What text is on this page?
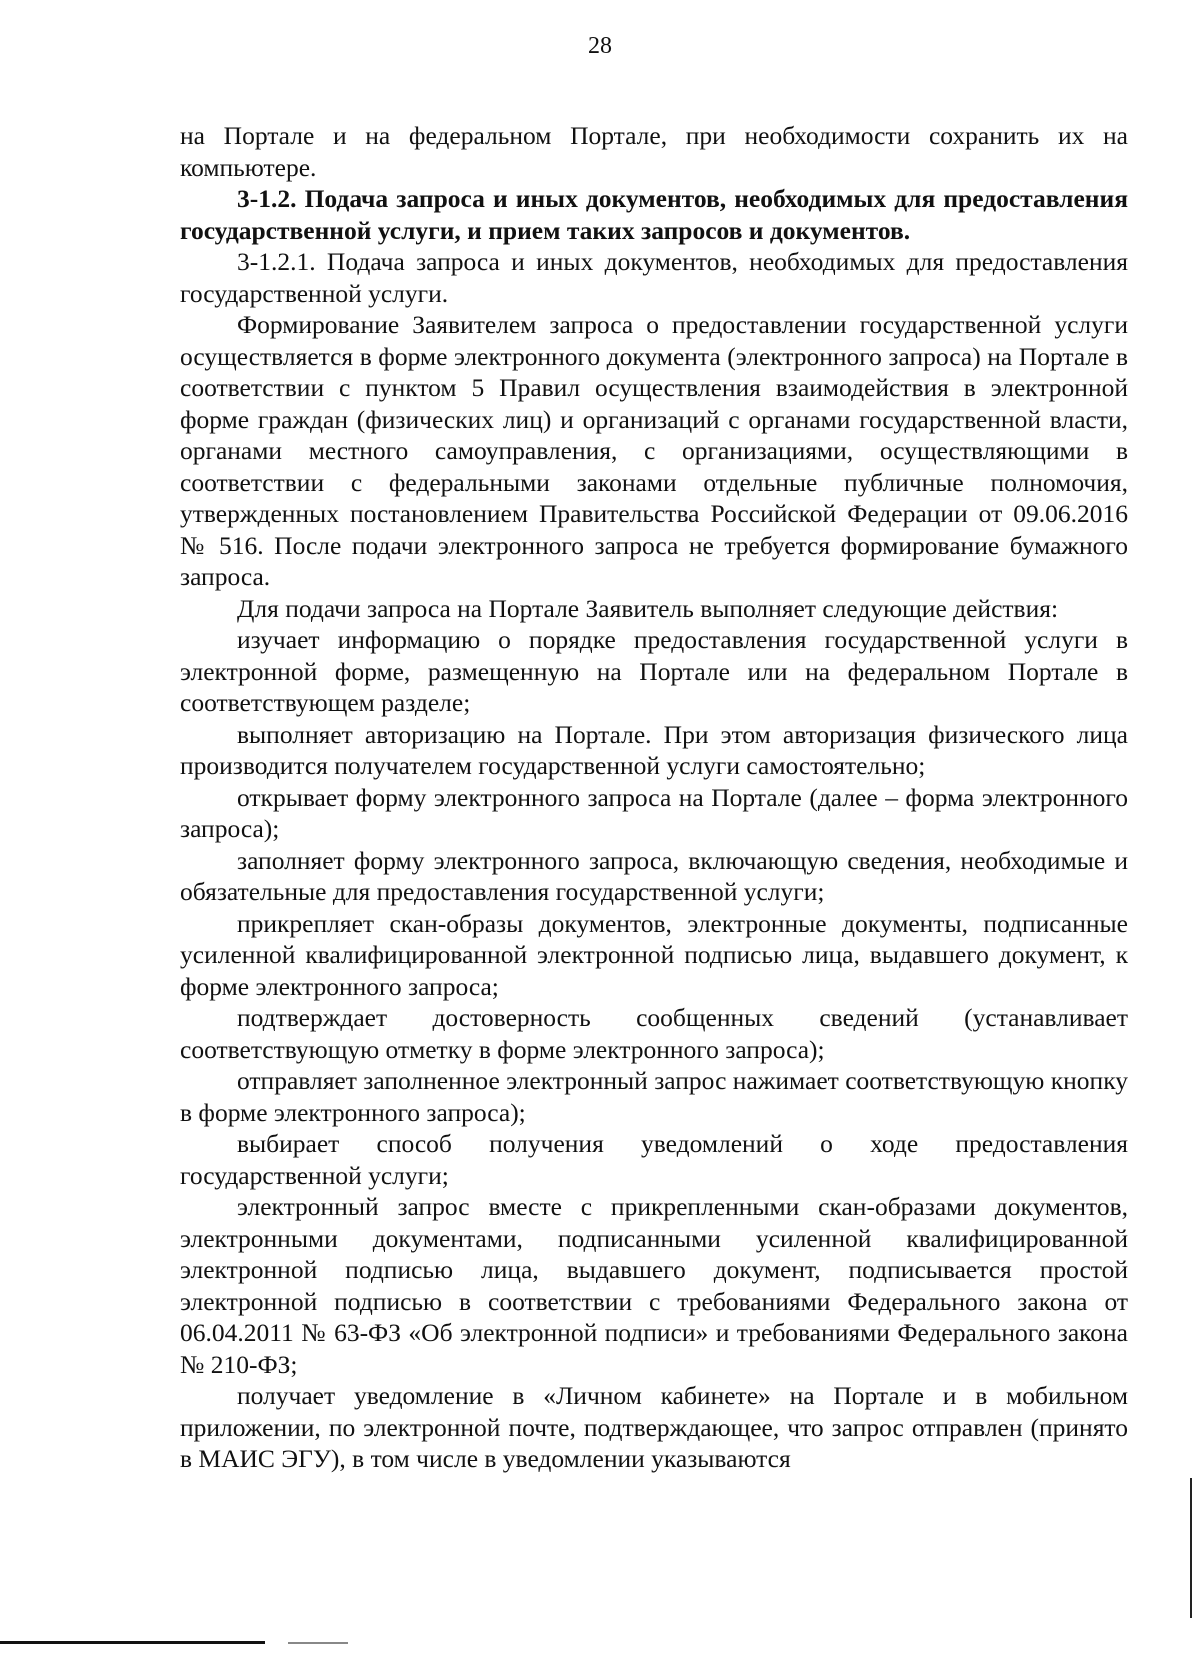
28

на Портале и на федеральном Портале, при необходимости сохранить их на компьютере.

3-1.2. Подача запроса и иных документов, необходимых для предоставления государственной услуги, и прием таких запросов и документов.

3-1.2.1. Подача запроса и иных документов, необходимых для предоставления государственной услуги.

Формирование Заявителем запроса о предоставлении государственной услуги осуществляется в форме электронного документа (электронного запроса) на Портале в соответствии с пунктом 5 Правил осуществления взаимодействия в электронной форме граждан (физических лиц) и организаций с органами государственной власти, органами местного самоуправления, с организациями, осуществляющими в соответствии с федеральными законами отдельные публичные полномочия, утвержденных постановлением Правительства Российской Федерации от 09.06.2016 № 516. После подачи электронного запроса не требуется формирование бумажного запроса.

Для подачи запроса на Портале Заявитель выполняет следующие действия:

изучает информацию о порядке предоставления государственной услуги в электронной форме, размещенную на Портале или на федеральном Портале в соответствующем разделе;

выполняет авторизацию на Портале. При этом авторизация физического лица производится получателем государственной услуги самостоятельно;

открывает форму электронного запроса на Портале (далее – форма электронного запроса);

заполняет форму электронного запроса, включающую сведения, необходимые и обязательные для предоставления государственной услуги;

прикрепляет скан-образы документов, электронные документы, подписанные усиленной квалифицированной электронной подписью лица, выдавшего документ, к форме электронного запроса;

подтверждает достоверность сообщенных сведений (устанавливает соответствующую отметку в форме электронного запроса);

отправляет заполненное электронный запрос нажимает соответствующую кнопку в форме электронного запроса);

выбирает способ получения уведомлений о ходе предоставления государственной услуги;

электронный запрос вместе с прикрепленными скан-образами документов, электронными документами, подписанными усиленной квалифицированной электронной подписью лица, выдавшего документ, подписывается простой электронной подписью в соответствии с требованиями Федерального закона от 06.04.2011 № 63-ФЗ «Об электронной подписи» и требованиями Федерального закона № 210-ФЗ;

получает уведомление в «Личном кабинете» на Портале и в мобильном приложении, по электронной почте, подтверждающее, что запрос отправлен (принято в МАИС ЭГУ), в том числе в уведомлении указываются
